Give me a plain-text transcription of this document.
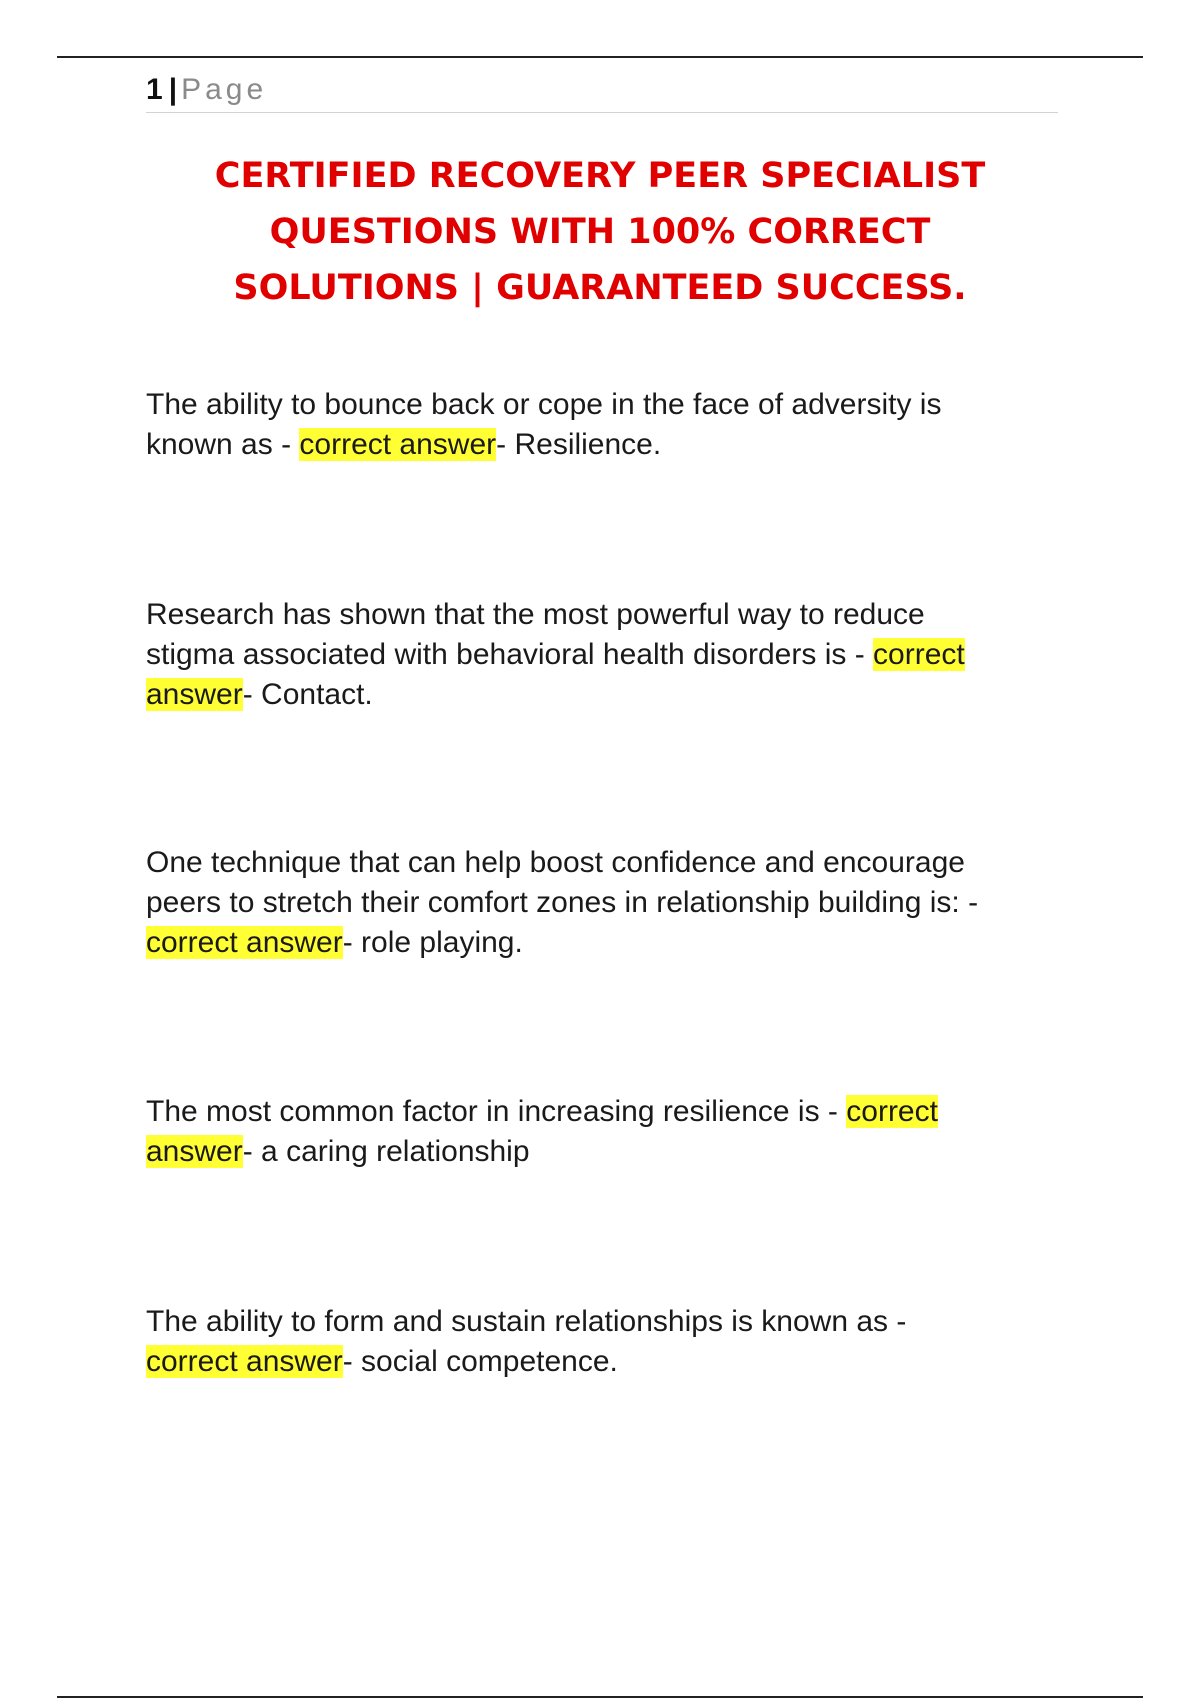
1 | Page
CERTIFIED RECOVERY PEER SPECIALIST
QUESTIONS WITH 100% CORRECT
SOLUTIONS | GUARANTEED SUCCESS.

The ability to bounce back or cope in the face of adversity is
known as - correct answer- Resilience.

Research has shown that the most powerful way to reduce
stigma associated with behavioral health disorders is - correct
answer- Contact.

One technique that can help boost confidence and encourage
peers to stretch their comfort zones in relationship building is: -
correct answer- role playing.

The most common factor in increasing resilience is - correct
answer- a caring relationship

The ability to form and sustain relationships is known as -
correct answer- social competence.
